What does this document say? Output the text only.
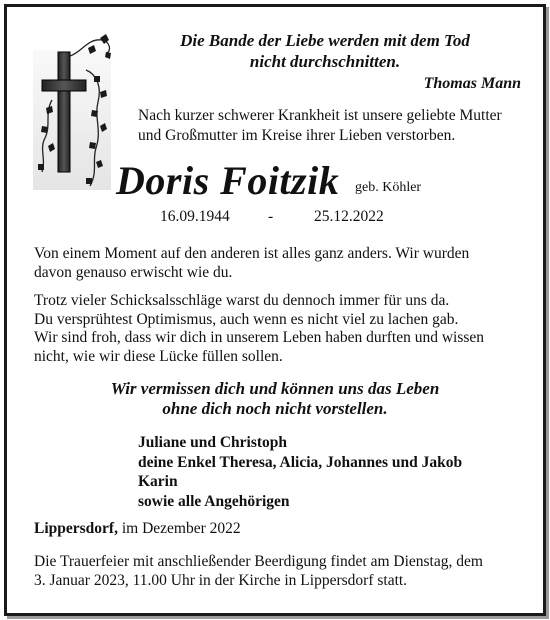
Die Bande der Liebe werden mit dem Tod
nicht durchschnitten.
Thomas Mann
Nach kurzer schwerer Krankheit ist unsere geliebte Mutter
und Großmutter im Kreise ihrer Lieben verstorben.
Doris Foitzik geb. Köhler
16.09.1944 -	25.12.2022
Von einem Moment auf den anderen ist alles ganz anders. Wir wurden
davon genauso erwischt wie du.
Trotz vieler Schicksalsschläge warst du dennoch immer für uns da.
Du versprühtest Optimismus, auch wenn es nicht viel zu lachen gab.
Wir sind froh, dass wir dich in unserem Leben haben durften und wissen
nicht, wie wir diese Lücke füllen sollen.
Wir vermissen dich und können uns das Leben
ohne dich noch nicht vorstellen.
Juliane und Christoph
deine Enkel Theresa, Alicia, Johannes und Jakob
Karin
sowie alle Angehörigen
Lippersdorf, im Dezember 2022
Die Trauerfeier mit anschließender Beerdigung findet am Dienstag, dem
3. Januar 2023, 11.00 Uhr in der Kirche in Lippersdorf statt.
